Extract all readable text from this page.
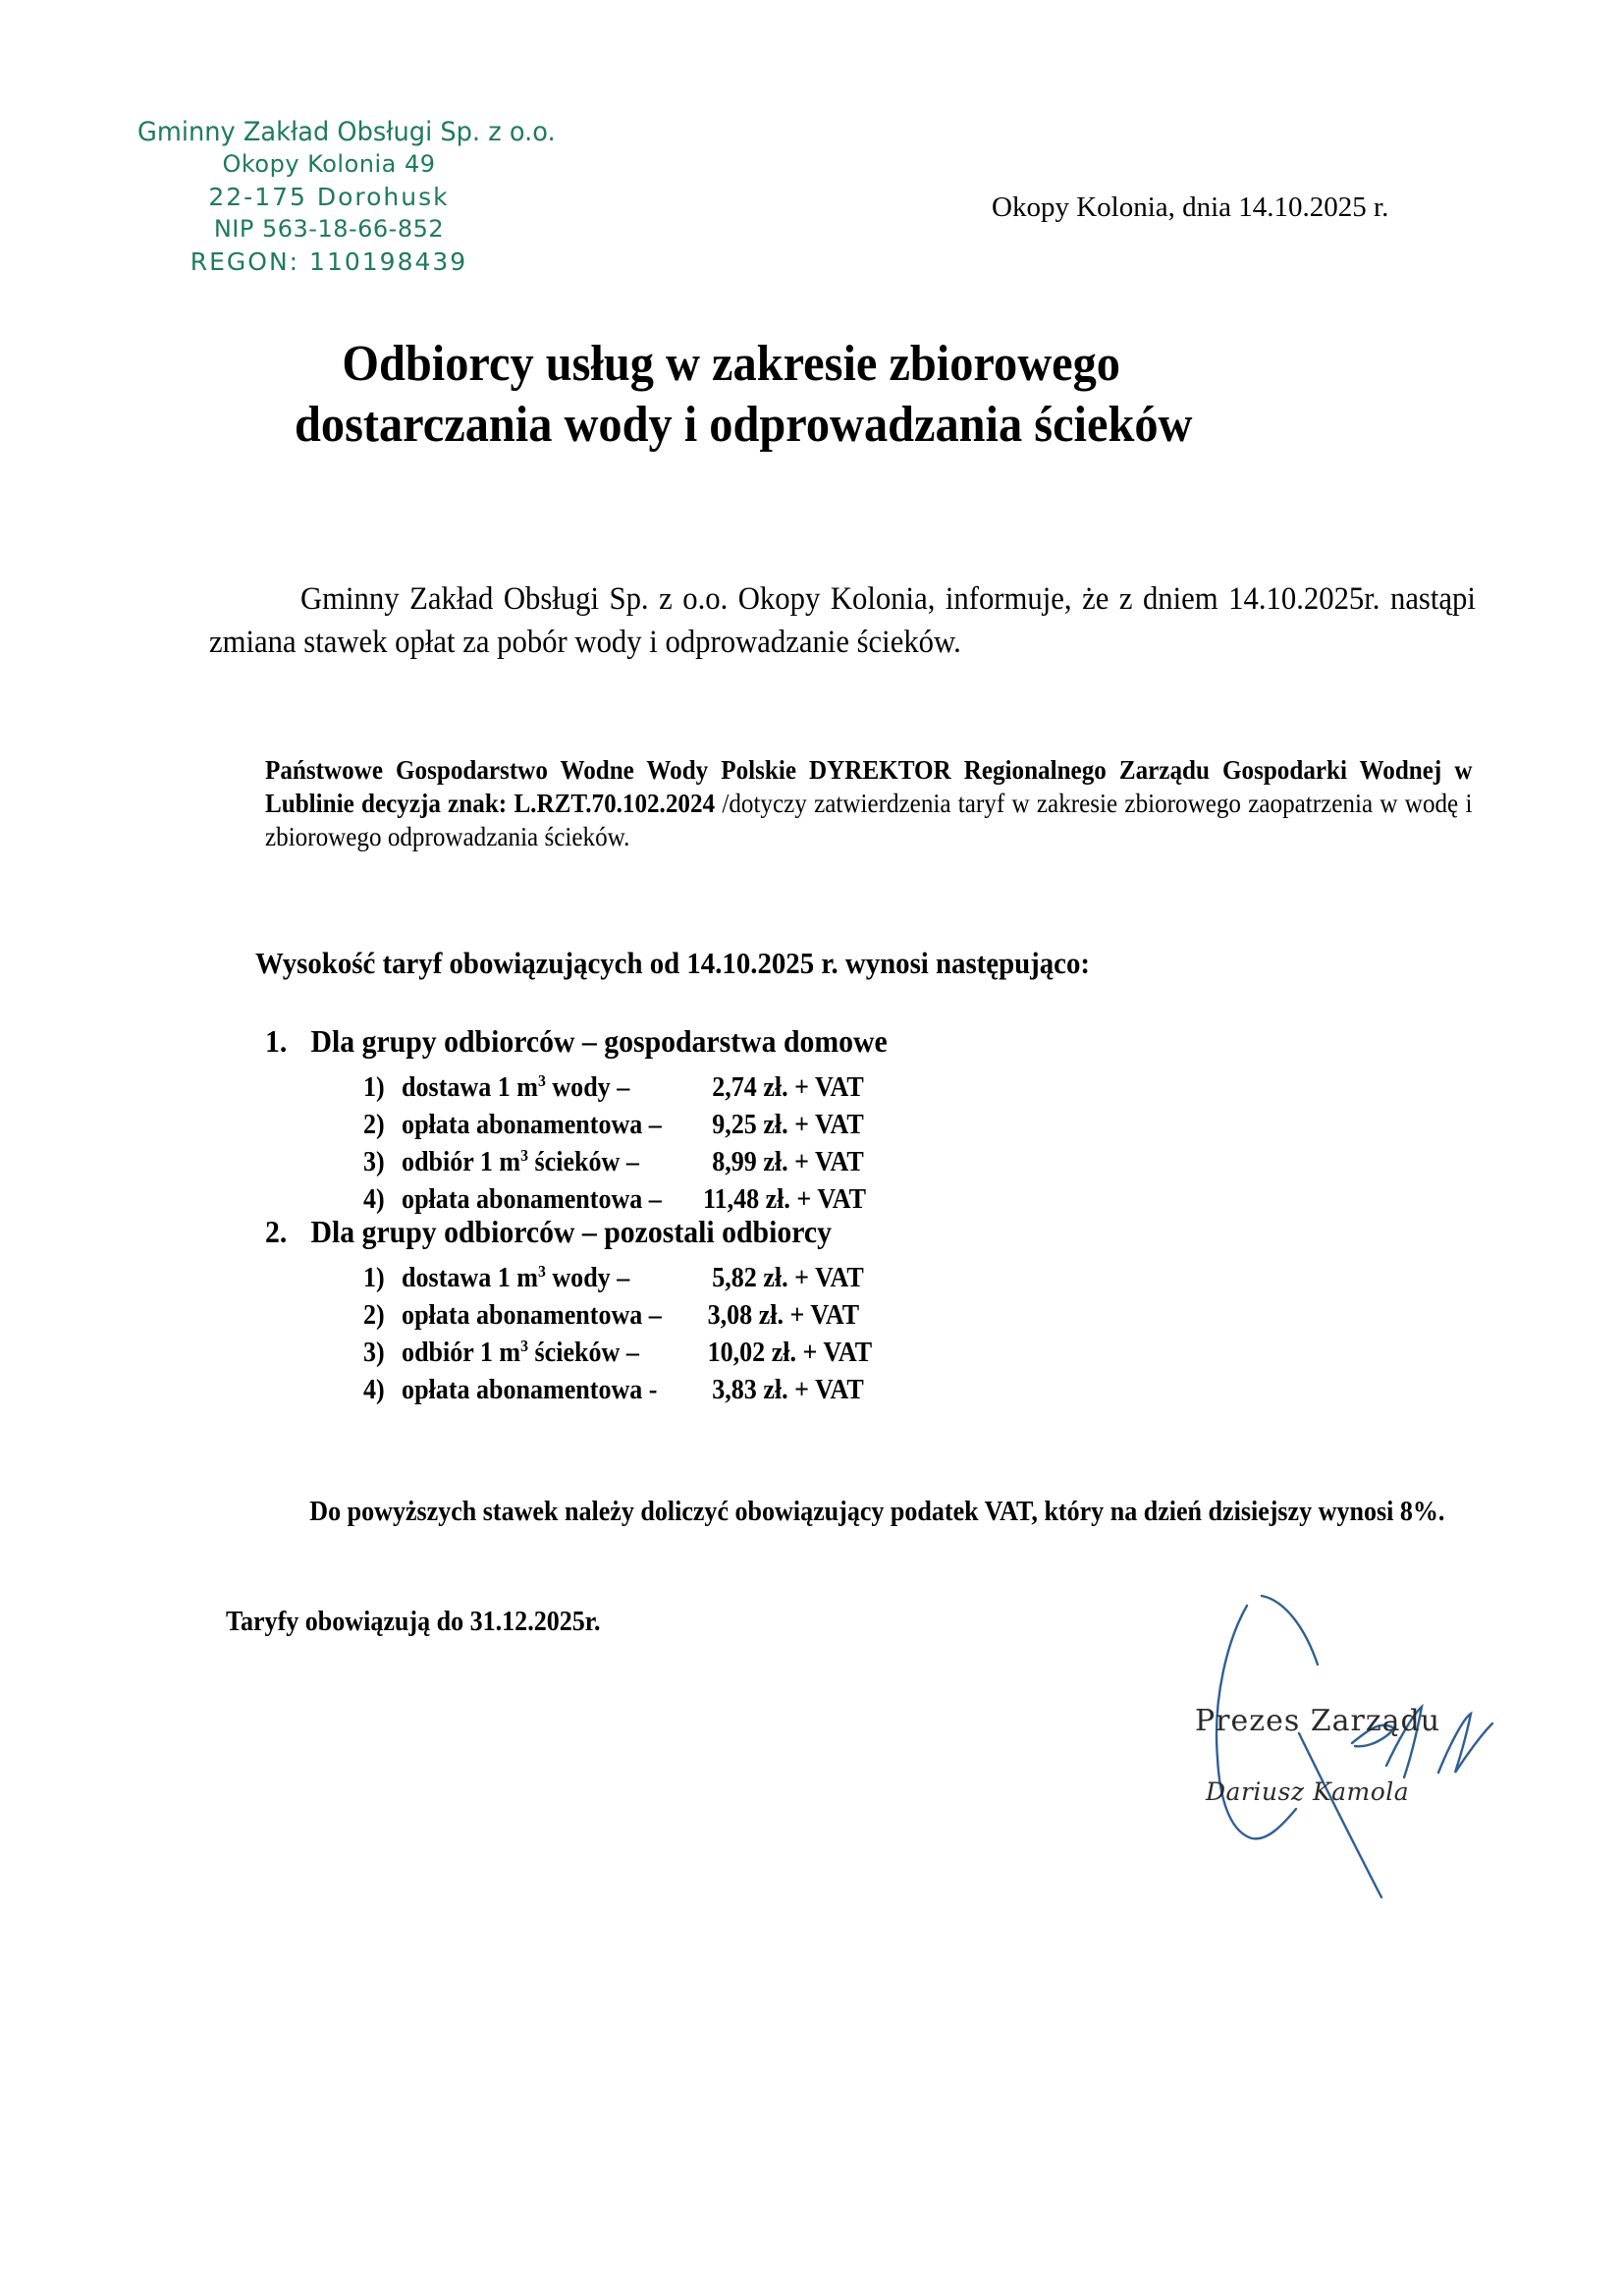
Gminny Zakład Obsługi Sp. z o.o.
Okopy Kolonia 49
22-175 Dorohusk
NIP 563-18-66-852
REGON: 110198439
Okopy Kolonia, dnia 14.10.2025 r.
Odbiorcy usług w zakresie zbiorowego
dostarczania wody i odprowadzania ścieków
Gminny Zakład Obsługi Sp. z o.o. Okopy Kolonia, informuje, że z dniem 14.10.2025r. nastąpi zmiana stawek opłat za pobór wody i odprowadzanie ścieków.
Państwowe Gospodarstwo Wodne Wody Polskie DYREKTOR Regionalnego Zarządu Gospodarki Wodnej w Lublinie decyzja znak: L.RZT.70.102.2024 /dotyczy zatwierdzenia taryf w zakresie zbiorowego zaopatrzenia w wodę i zbiorowego odprowadzania ścieków.
Wysokość taryf obowiązujących od 14.10.2025 r. wynosi następująco:
1. Dla grupy odbiorców – gospodarstwa domowe
1) dostawa 1 $m^3$ wody –	2,74 zł. + VAT
2) opłata abonamentowa –	9,25 zł. + VAT
3) odbiór 1 $m^3$ ścieków –	8,99 zł. + VAT
4) opłata abonamentowa –	11,48 zł. + VAT
2. Dla grupy odbiorców – pozostali odbiorcy
1) dostawa 1 $m^3$ wody –	5,82 zł. + VAT
2) opłata abonamentowa –	3,08 zł. + VAT
3) odbiór 1 $m^3$ ścieków –	10,02 zł. + VAT
4) opłata abonamentowa -	3,83 zł. + VAT
Do powyższych stawek należy doliczyć obowiązujący podatek VAT, który na dzień dzisiejszy wynosi 8%.
Taryfy obowiązują do 31.12.2025r.
Prezes Zarządu
Dariusz Kamola
